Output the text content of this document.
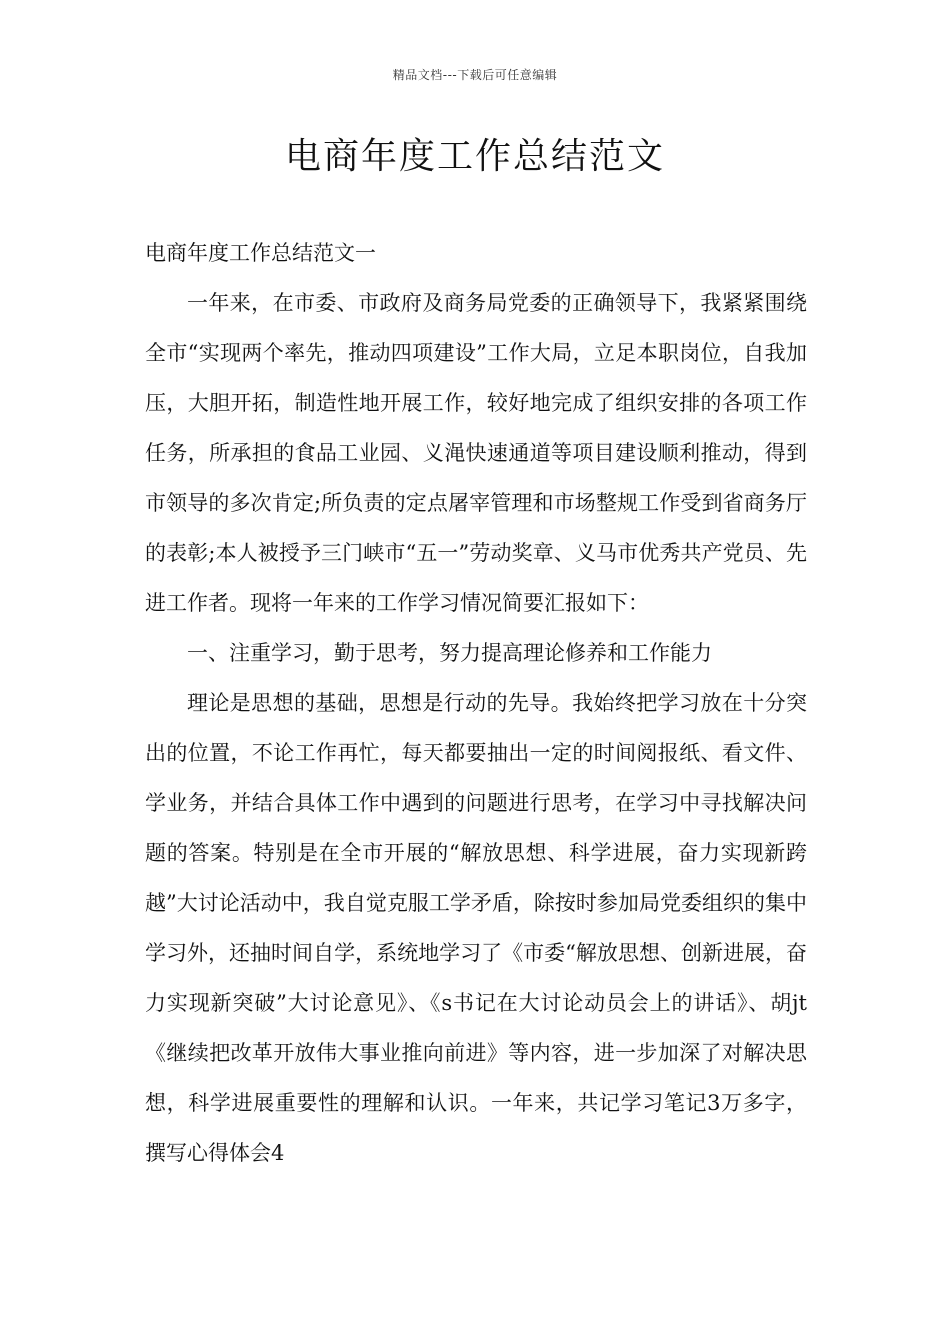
精品文档---下载后可任意编辑
电商年度工作总结范文

电商年度工作总结范文一

一年来，在市委、市政府及商务局党委的正确领导下，我紧紧围绕全市“实现两个率先，推动四项建设”工作大局，立足本职岗位，自我加压，大胆开拓，制造性地开展工作，较好地完成了组织安排的各项工作任务，所承担的食品工业园、义渑快速通道等项目建设顺利推动，得到市领导的多次肯定;所负责的定点屠宰管理和市场整规工作受到省商务厅的表彰;本人被授予三门峡市“五一”劳动奖章、义马市优秀共产党员、先进工作者。现将一年来的工作学习情况简要汇报如下：

一、注重学习，勤于思考，努力提高理论修养和工作能力

理论是思想的基础，思想是行动的先导。我始终把学习放在十分突出的位置，不论工作再忙，每天都要抽出一定的时间阅报纸、看文件、学业务，并结合具体工作中遇到的问题进行思考，在学习中寻找解决问题的答案。特别是在全市开展的“解放思想、科学进展，奋力实现新跨越”大讨论活动中，我自觉克服工学矛盾，除按时参加局党委组织的集中学习外，还抽时间自学，系统地学习了《市委“解放思想、创新进展，奋力实现新突破”大讨论意见》、《s书记在大讨论动员会上的讲话》、胡jt《继续把改革开放伟大事业推向前进》等内容，进一步加深了对解决思想，科学进展重要性的理解和认识。一年来，共记学习笔记3万多字，撰写心得体会4
